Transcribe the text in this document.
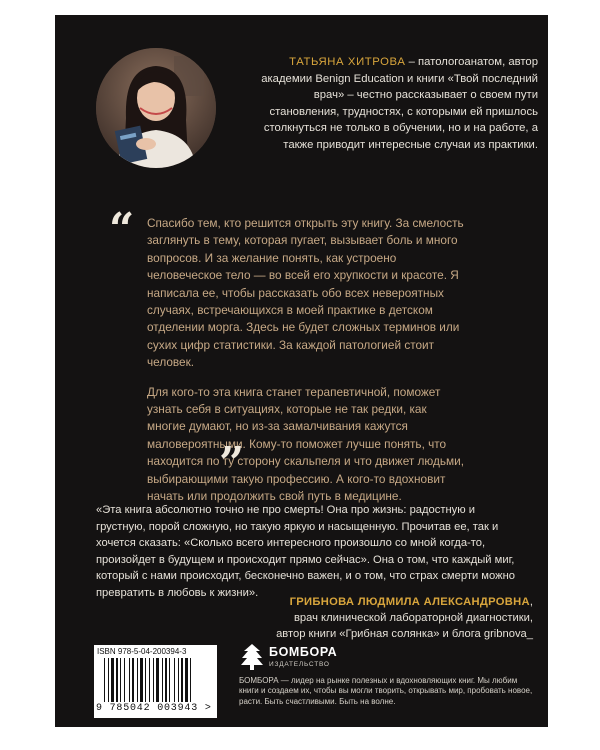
ТАТЬЯНА ХИТРОВА – патологоанатом, автор академии Benign Education и книги «Твой последний врач» – честно рассказывает о своем пути становления, трудностях, с которыми ей пришлось столкнуться не только в обучении, но и на работе, а также приводит интересные случаи из практики.
“ Спасибо тем, кто решится открыть эту книгу. За смелость заглянуть в тему, которая пугает, вызывает боль и много вопросов. И за желание понять, как устроено человеческое тело — во всей его хрупкости и красоте. Я написала ее, чтобы рассказать обо всех невероятных случаях, встречающихся в моей практике в детском отделении морга. Здесь не будет сложных терминов или сухих цифр статистики. За каждой патологией стоит человек.

Для кого-то эта книга станет терапевтичной, поможет узнать себя в ситуациях, которые не так редки, как многие думают, но из-за замалчивания кажутся маловероятными. Кому-то поможет лучше понять, что находится по ту сторону скальпеля и что движет людьми, выбирающими такую профессию. А кого-то вдохновит начать или продолжить свой путь в медицине.

”
«Эта книга абсолютно точно не про смерть! Она про жизнь: радостную и грустную, порой сложную, но такую яркую и насыщенную. Прочитав ее, так и хочется сказать: «Сколько всего интересного произошло со мной когда-то, произойдет в будущем и происходит прямо сейчас». Она о том, что каждый миг, который с нами происходит, бесконечно важен, и о том, что страх смерти можно превратить в любовь к жизни».
ГРИБНОВА ЛЮДМИЛА АЛЕКСАНДРОВНА,
врач клинической лабораторной диагностики,
автор книги «Грибная солянка» и блога gribnova_
ISBN 978-5-04-200394-3
9 785042 003943 >
БОМБОРА
ИЗДАТЕЛЬСТВО
БОМБОРА — лидер на рынке полезных и вдохновляющих книг. Мы любим книги и создаем их, чтобы вы могли творить, открывать мир, пробовать новое, расти. Быть счастливыми. Быть на волне.
